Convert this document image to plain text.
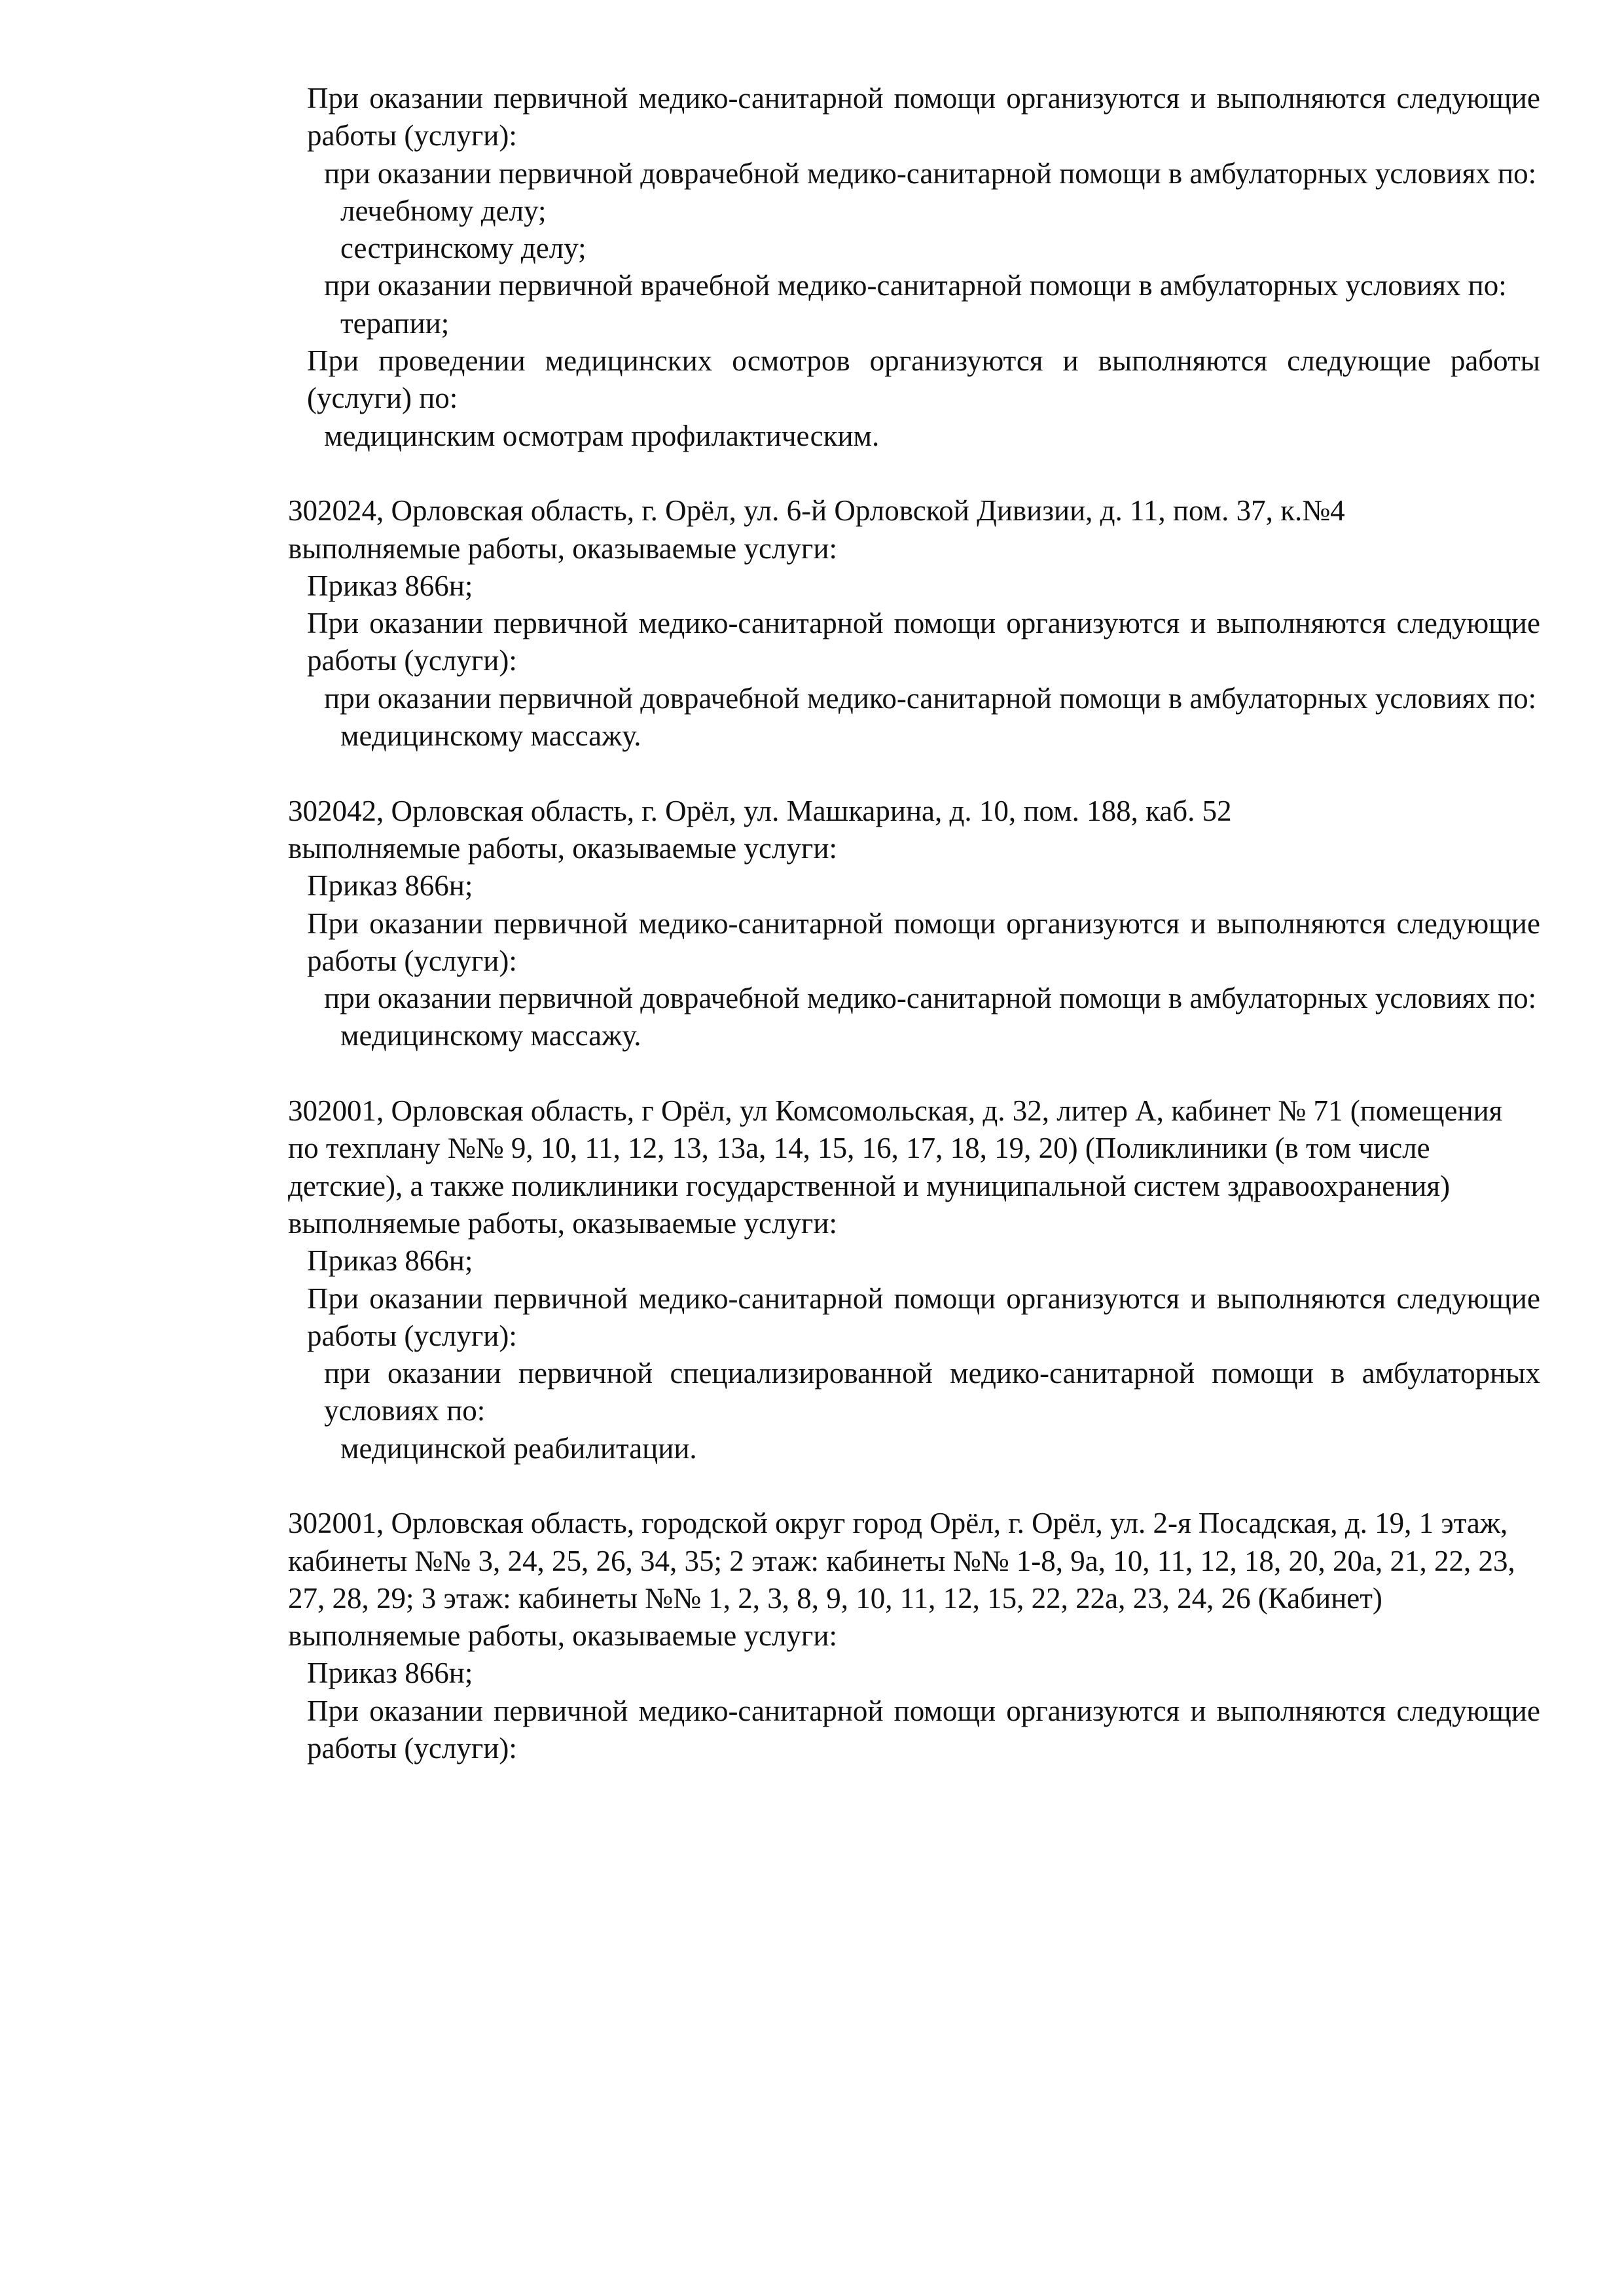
При оказании первичной медико-санитарной помощи организуются и выполняются следующие работы (услуги):

при оказании первичной доврачебной медико-санитарной помощи в амбулаторных условиях по:

лечебному делу;

сестринскому делу;

при оказании первичной врачебной медико-санитарной помощи в амбулаторных условиях по:

терапии;

При проведении медицинских осмотров организуются и выполняются следующие работы (услуги) по:

медицинским осмотрам профилактическим.

302024, Орловская область, г. Орёл, ул. 6-й Орловской Дивизии, д. 11, пом. 37, к.№4

выполняемые работы, оказываемые услуги:

Приказ 866н;

При оказании первичной медико-санитарной помощи организуются и выполняются следующие работы (услуги):

при оказании первичной доврачебной медико-санитарной помощи в амбулаторных условиях по:

медицинскому массажу.

302042, Орловская область, г. Орёл, ул. Машкарина, д. 10, пом. 188, каб. 52

выполняемые работы, оказываемые услуги:

Приказ 866н;

При оказании первичной медико-санитарной помощи организуются и выполняются следующие работы (услуги):

при оказании первичной доврачебной медико-санитарной помощи в амбулаторных условиях по:

медицинскому массажу.

302001, Орловская область, г Орёл, ул Комсомольская, д. 32, литер А, кабинет № 71 (помещения по техплану №№ 9, 10, 11, 12, 13, 13а, 14, 15, 16, 17, 18, 19, 20) (Поликлиники (в том числе детские), а также поликлиники государственной и муниципальной систем здравоохранения)

выполняемые работы, оказываемые услуги:

Приказ 866н;

При оказании первичной медико-санитарной помощи организуются и выполняются следующие работы (услуги):

при оказании первичной специализированной медико-санитарной помощи в амбулаторных условиях по:

медицинской реабилитации.

302001, Орловская область, городской округ город Орёл, г. Орёл, ул. 2-я Посадская, д. 19, 1 этаж, кабинеты №№ 3, 24, 25, 26, 34, 35; 2 этаж: кабинеты №№ 1-8, 9а, 10, 11, 12, 18, 20, 20а, 21, 22, 23, 27, 28, 29; 3 этаж: кабинеты №№ 1, 2, 3, 8, 9, 10, 11, 12, 15, 22, 22а, 23, 24, 26 (Кабинет)

выполняемые работы, оказываемые услуги:

Приказ 866н;

При оказании первичной медико-санитарной помощи организуются и выполняются следующие работы (услуги):
